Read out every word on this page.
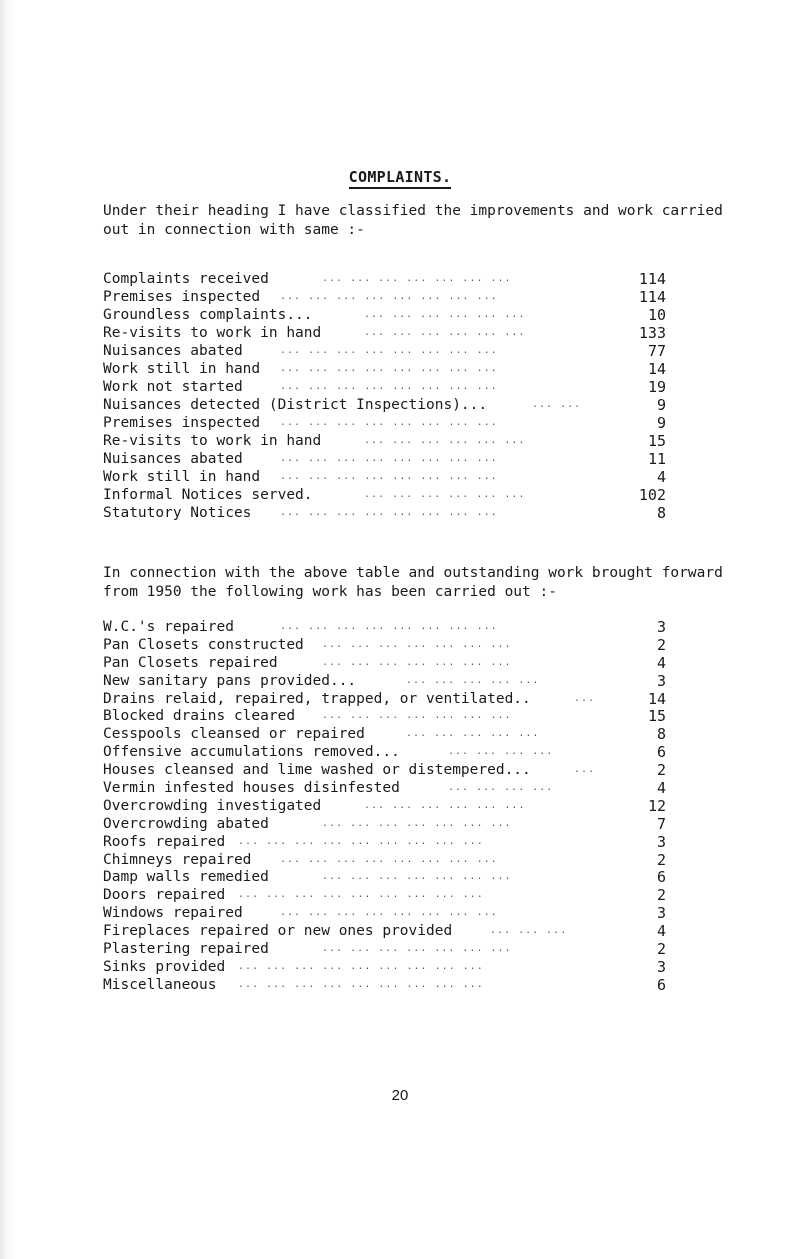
COMPLAINTS.
Under their heading I have classified the improvements and work carried
out in connection with same :-
... ... ... ... ... ... ...
Complaints received	114
... ... ... ... ... ... ... ...
Premises inspected	114
... ... ... ... ... ...
Groundless complaints...	10
... ... ... ... ... ...
Re-visits to work in hand	133
... ... ... ... ... ... ... ...
Nuisances abated	77
... ... ... ... ... ... ... ...
Work still in hand	14
... ... ... ... ... ... ... ...
Work not started	19
... ...
Nuisances detected (District Inspections)...	9
... ... ... ... ... ... ... ...
Premises inspected	9
... ... ... ... ... ...
Re-visits to work in hand	15
... ... ... ... ... ... ... ...
Nuisances abated	11
... ... ... ... ... ... ... ...
Work still in hand	4
... ... ... ... ... ...
Informal Notices served.	102
... ... ... ... ... ... ... ...
Statutory Notices	8
In connection with the above table and outstanding work brought forward
from 1950 the following work has been carried out :-
... ... ... ... ... ... ... ...
W.C.'s repaired	3
... ... ... ... ... ... ...
Pan Closets constructed	2
... ... ... ... ... ... ...
Pan Closets repaired	4
... ... ... ... ...
New sanitary pans provided...	3
...
Drains relaid, repaired, trapped, or ventilated..	14
... ... ... ... ... ... ...
Blocked drains cleared	15
... ... ... ... ...
Cesspools cleansed or repaired	8
... ... ... ...
Offensive accumulations removed...	6
...
Houses cleansed and lime washed or distempered...	2
... ... ... ...
Vermin infested houses disinfested	4
... ... ... ... ... ...
Overcrowding investigated	12
... ... ... ... ... ... ...
Overcrowding abated	7
... ... ... ... ... ... ... ... ...
Roofs repaired	3
... ... ... ... ... ... ... ...
Chimneys repaired	2
... ... ... ... ... ... ...
Damp walls remedied	6
... ... ... ... ... ... ... ... ...
Doors repaired	2
... ... ... ... ... ... ... ...
Windows repaired	3
... ... ...
Fireplaces repaired or new ones provided	4
... ... ... ... ... ... ...
Plastering repaired	2
... ... ... ... ... ... ... ... ...
Sinks provided	3
... ... ... ... ... ... ... ... ...
Miscellaneous	6
20
